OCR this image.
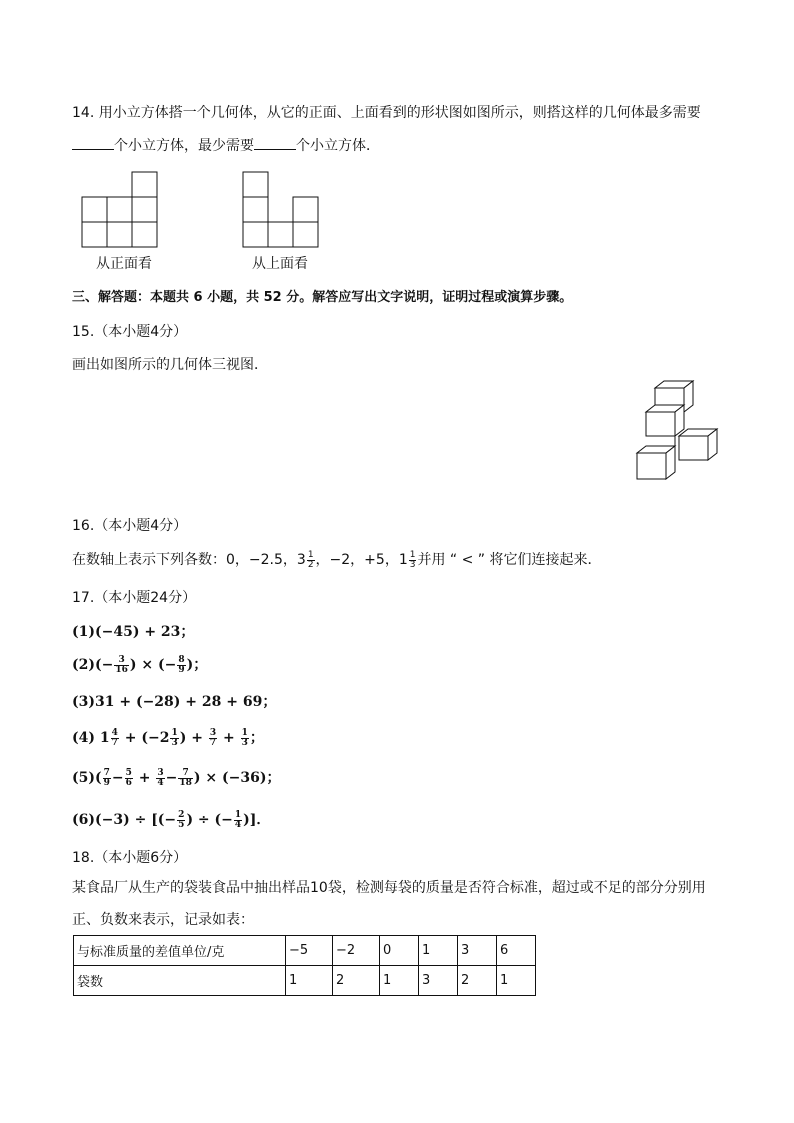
14. 用小立方体搭一个几何体，从它的正面、上面看到的形状图如图所示，则搭这样的几何体最多需要
个小立方体，最少需要	个小立方体．
从正面看	从上面看
三、解答题：本题共 6 小题，共 52 分。解答应写出文字说明，证明过程或演算步骤。
15.（本小题4分）
画出如图所示的几何体三视图．
16.（本小题4分）
在数轴上表示下列各数：0，−2.5，$3 \frac{1}{2}$ ，−2，+5，$1 \frac{1}{3}$ 并用 “ < ” 将它们连接起来．
17.（本小题24分）
(1)(−45) + 23；
$(2)(- \frac{3}{16}$ ) × (− $\frac{8}{9}$ )；
(3)31 + (−28) + 28 + 69；
(4) $1 \frac{4}{7} + (-2 \frac{1}{3}$ ) + $\frac{3}{7} + \frac{1}{3}$ ；
$(5)( \frac{7}{9} - \frac{5}{6} + \frac{3}{4} - \frac{7}{18}$ ) × (−36)；
(6)(−3) ÷ [(− $\frac{2}{5}$ ) ÷ (− $\frac{1}{4}$ )]．
18.（本小题6分）
某食品厂从生产的袋装食品中抽出样品10袋，检测每袋的质量是否符合标准，超过或不足的部分分别用
正、负数来表示，记录如表：
与标准质量的差值单位/克	−5	−2	0	1	3	6
袋数	1	2	1	3	2	1
